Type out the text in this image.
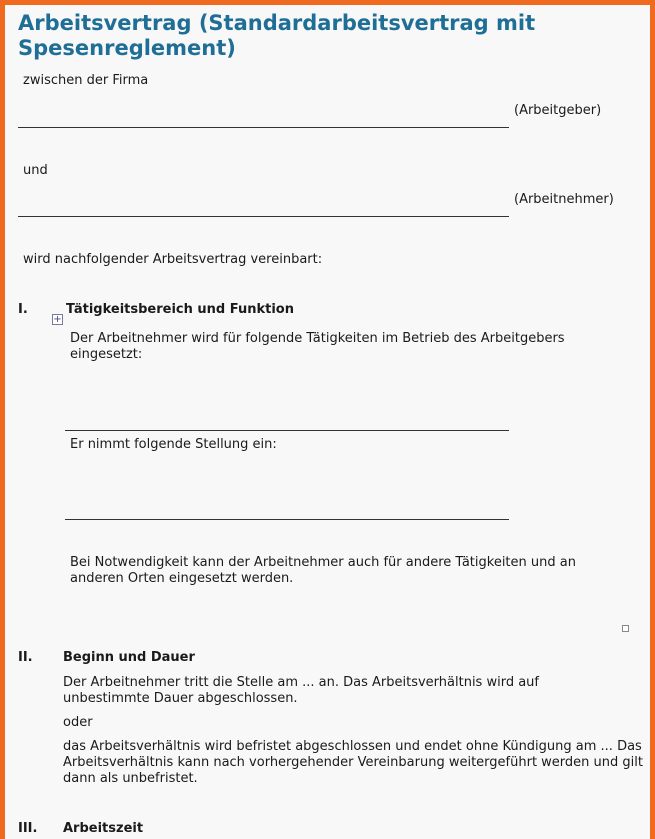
Arbeitsvertrag (Standardarbeitsvertrag mit Spesenreglement)
zwischen der Firma
(Arbeitgeber)
und
(Arbeitnehmer)
wird nachfolgender Arbeitsvertrag vereinbart:
I.	Tätigkeitsbereich und Funktion
+
Der Arbeitnehmer wird für folgende Tätigkeiten im Betrieb des Arbeitgebers eingesetzt:
Er nimmt folgende Stellung ein:
Bei Notwendigkeit kann der Arbeitnehmer auch für andere Tätigkeiten und an anderen Orten eingesetzt werden.
II. Beginn und Dauer
Der Arbeitnehmer tritt die Stelle am ... an. Das Arbeitsverhältnis wird auf unbestimmte Dauer abgeschlossen.
oder
das Arbeitsverhältnis wird befristet abgeschlossen und endet ohne Kündigung am ... Das Arbeitsverhältnis kann nach vorhergehender Vereinbarung weitergeführt werden und gilt dann als unbefristet.
III. Arbeitszeit
